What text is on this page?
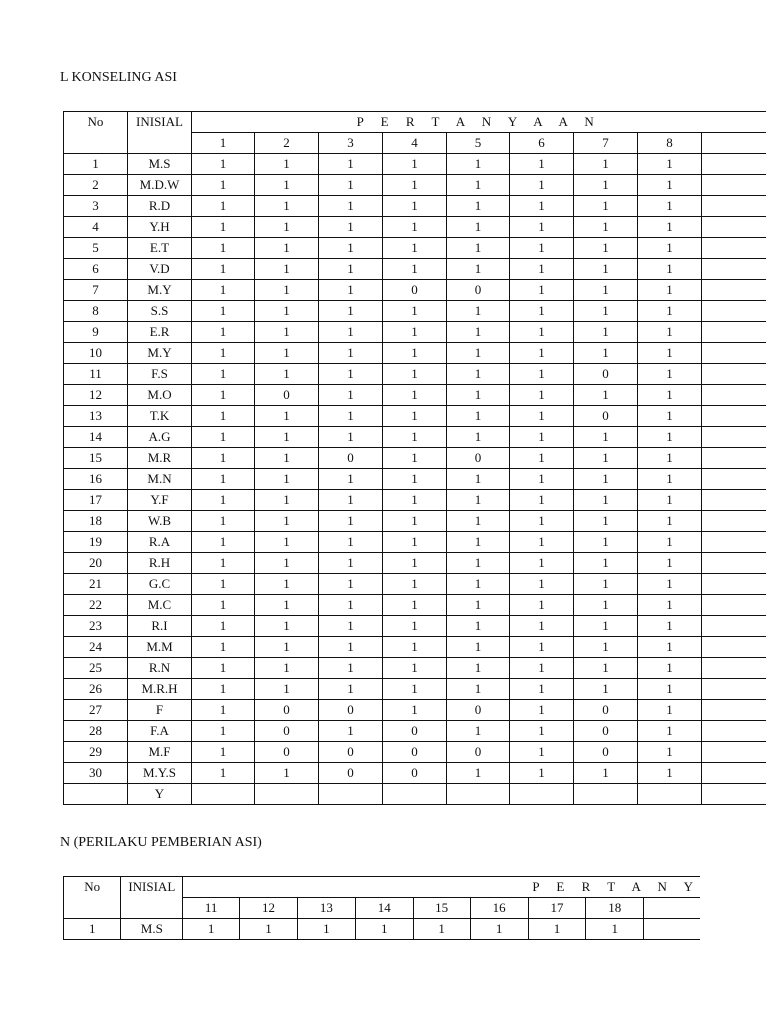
L KONSELING ASI
No	INISIAL	P E R T A N Y A A N								
		1	2	3	4	5	6	7	8	
1	M.S	1	1	1	1	1	1	1	1	
2	M.D.W	1	1	1	1	1	1	1	1	
3	R.D	1	1	1	1	1	1	1	1	
4	Y.H	1	1	1	1	1	1	1	1	
5	E.T	1	1	1	1	1	1	1	1	
6	V.D	1	1	1	1	1	1	1	1	
7	M.Y	1	1	1	0	0	1	1	1	
8	S.S	1	1	1	1	1	1	1	1	
9	E.R	1	1	1	1	1	1	1	1	
10	M.Y	1	1	1	1	1	1	1	1	
11	F.S	1	1	1	1	1	1	0	1	
12	M.O	1	0	1	1	1	1	1	1	
13	T.K	1	1	1	1	1	1	0	1	
14	A.G	1	1	1	1	1	1	1	1	
15	M.R	1	1	0	1	0	1	1	1	
16	M.N	1	1	1	1	1	1	1	1	
17	Y.F	1	1	1	1	1	1	1	1	
18	W.B	1	1	1	1	1	1	1	1	
19	R.A	1	1	1	1	1	1	1	1	
20	R.H	1	1	1	1	1	1	1	1	
21	G.C	1	1	1	1	1	1	1	1	
22	M.C	1	1	1	1	1	1	1	1	
23	R.I	1	1	1	1	1	1	1	1	
24	M.M	1	1	1	1	1	1	1	1	
25	R.N	1	1	1	1	1	1	1	1	
26	M.R.H	1	1	1	1	1	1	1	1	
27	F	1	0	0	1	0	1	0	1	
28	F.A	1	0	1	0	1	1	0	1	
29	M.F	1	0	0	0	0	1	0	1	
30	M.Y.S	1	1	0	0	1	1	1	1	
	Y									
N (PERILAKU PEMBERIAN ASI)
No	INISIAL	P E R T A N Y								
		11	12	13	14	15	16	17	18	
1	M.S	1	1	1	1	1	1	1	1	
